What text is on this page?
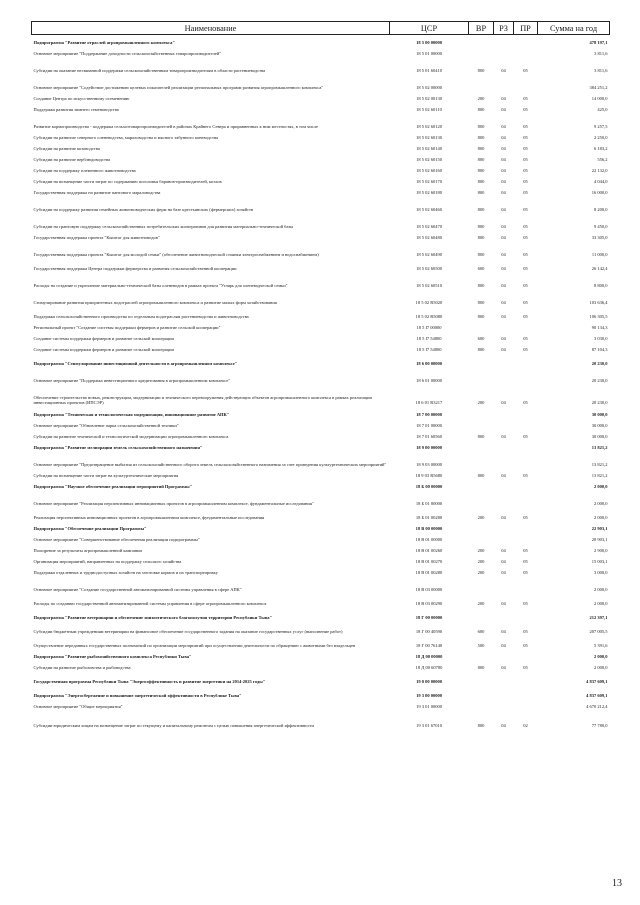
Наименование	ЦСР	ВР	РЗ	ПР	Сумма на год
Подпрограмма "Развитие отраслей агропромышленного комплекса"	18 5 00 00000				478 197,1
Основное мероприятие "Поддержание доходности сельскохозяйственных товаропроизводителей"	18 5 01 00000				3 811,6
Субсидии на оказание несвязанной поддержки сельскохозяйственным товаропроизводителям в области растениеводства	18 5 01 60410	800	04	05	3 811,6
Основное мероприятие "Содействие достижению целевых показателей реализации региональных программ развития агропромышленного комплекса"	18 5 02 00000				384 251,2
Создание Центра по искусственному осеменению	18 5 02 00130	200	04	05	14 000,0
Поддержка развития зимнего семеноводства	18 5 02 60110	800	04	05	425,0
Развитие кормопроизводства - поддержка сельхозтоваропроизводителей в районах Крайнего Севера и приравненных к ним местностях, в том числе	18 5 02 60120	800	04	05	9 257,5
Субсидии на развитие северного оленеводства, мараловодства и мясного табунного коневодства	18 5 02 60130	800	04	05	2 250,0
Субсидии на развитие козоводства	18 5 02 60140	800	04	05	6 183,2
Субсидии на развитие верблюдоводства	18 5 02 60150	800	04	05	556,2
Субсидии на поддержку племенного животноводства	18 5 02 60160	800	04	05	22 132,0
Субсидии на возмещение части затрат по содержанию поголовья баранов-производителей, козлов	18 5 02 60170	800	04	05	4 044,0
Государственная поддержка на развитие пантового мараловодства	18 5 02 60180	800	04	05	16 000,0
Субсидии на поддержку развития семейных животноводческих ферм на базе крестьянских (фермерских) хозяйств	18 5 02 60460	800	04	05	8 200,0
Субсидии на грантовую поддержку сельскохозяйственных потребительских кооперативов для развития материально-технической базы	18 5 02 60470	800	04	05	9 450,0
Государственная поддержка проекта "Кыштаг для животноводов"	18 5 02 60480	800	04	05	33 305,0
Государственная поддержка проекта "Кыштаг для молодой семьи" (обеспечение животноводческой стоянки электроснабжением и водоснабжением)	18 5 02 60490	800	04	05	11 000,0
Государственная поддержка Центра поддержки фермерства и развития сельскохозяйственной кооперации	18 5 02 60500	600	04	05	26 142,4
Расходы на создание и укрепление материально-технической базы оленеводов в рамках проекта "Углярь для оленеводческой семьи"	18 5 02 60510	800	04	05	8 800,0
Стимулирование развития приоритетных подотраслей агропромышленного комплекса и развитие малых форм хозяйствования	18 5 02 R5020	800	04	05	103 636,4
Поддержка сельскохозяйственного производства по отдельным подотраслям растениеводства и животноводства	18 5 02 R5080	800	04	05	106 305,5
Региональный проект "Создание системы поддержки фермеров и развитие сельской кооперации"	18 5 I7 00000				90 134,3
Создание системы поддержки фермеров и развитие сельской кооперации	18 5 I7 54800	600	04	05	3 030,0
Создание системы поддержки фермеров и развитие сельской кооперации	18 5 I7 54800	800	04	05	87 104,3
Подпрограмма "Стимулирование инвестиционной деятельности в агропромышленном комплексе"	18 6 00 00000				20 230,0
Основное мероприятие "Поддержка инвестиционного кредитования в агропромышленном комплексе"	18 6 01 00000				20 230,0
Обеспечение строительства новых, реконструкции, модернизации и технического перевооружения действующих объектов агропромышленного комплекса в рамках реализации инвестиционных проектов (ИПСЭР)	18 6 01 R3217	200	04	05	20 230,0
Подпрограмма "Техническая и технологическая модернизация, инновационное развитие АПК"	18 7 00 00000				30 000,0
Основное мероприятие "Обновление парка сельскохозяйственной техники"	18 7 01 00000				30 000,0
Субсидии на развитие технической и технологической модернизации агропромышленного комплекса	18 7 01 60560	800	04	05	30 000,0
Подпрограмма "Развитие мелиорации земель сельскохозяйственного назначения"	18 9 00 00000				13 821,2
Основное мероприятие "Предотвращение выбытия из сельскохозяйственного оборота земель сельскохозяйственного назначения за счет проведения культуртехнических мероприятий"	18 9 03 00000				13 821,2
Субсидии на возмещение части затрат на культуртехнические мероприятия	18 9 03 R5680	800	04	05	13 821,2
Подпрограмма "Научное обеспечение реализации мероприятий Программы"	18 Б 00 00000				2 000,0
Основное мероприятие "Реализация перспективных инновационных проектов в агропромышленном комплексе, фундаментальные исследования"	18 Б 01 00000				2 000,0
Реализация перспективных инновационных проектов в агропромышленном комплексе, фундаментальные исследования	18 Б 01 00280	200	04	05	2 000,0
Подпрограмма "Обеспечение реализации Программы"	18 В 00 00000				22 903,1
Основное мероприятие "Совершенствование обеспечения реализации подпрограммы"	18 В 01 00000				20 903,1
Поощрение за результаты агропромышленной кампании	18 В 01 00260	200	04	05	2 900,0
Организация мероприятий, направленных на поддержку сельского хозяйства	18 В 01 00270	200	04	05	15 003,1
Поддержка отдаленных и труднодоступных хозяйств на заготовке кормов и их транспортировку	18 В 01 00280	200	04	05	3 000,0
Основное мероприятие "Создание государственной автоматизированной системы управления в сфере АПК"	18 В 03 00000				2 000,0
Расходы по созданию государственной автоматизированной системы управления в сфере агропромышленного комплекса	18 В 03 00290	200	04	05	2 000,0
Подпрограмма "Развитие ветеринарии и обеспечение эпизоотического благополучия территории Республики Тыва"	18 Г 00 00000				212 397,1
Субсидии бюджетным учреждениям ветеринарии на финансовое обеспечение государственного задания на оказание государственных услуг (выполнение работ)	18 Г 00 40590	600	04	05	207 005,5
Осуществление переданных государственных полномочий по организации мероприятий при осуществлении деятельности по обращению с животными без владельцев	18 Г 00 76140	500	04	05	5 391,6
Подпрограмма "Развитие рыбохозяйственного комплекса Республики Тыва"	18 Д 00 00000				2 000,0
Субсидии на развитие рыболовства и рыбоводства	18 Д 00 60780	800	04	05	2 000,0
Государственная программа Республики Тыва "Энергоэффективность и развитие энергетики на 2014-2025 годы"	19 0 00 00000				4 837 609,1
Подпрограмма "Энергосбережение и повышение энергетической эффективности в Республике Тыва"	19 3 00 00000				4 837 609,1
Основное мероприятие "Общие мероприятия"	19 3 01 00000				4 670 212,4
Субсидии юридическим лицам на возмещение затрат по текущему и капитальному ремонтам с целью повышения энергетической эффективности	19 3 01 67010	800	04	02	77 780,0
13
